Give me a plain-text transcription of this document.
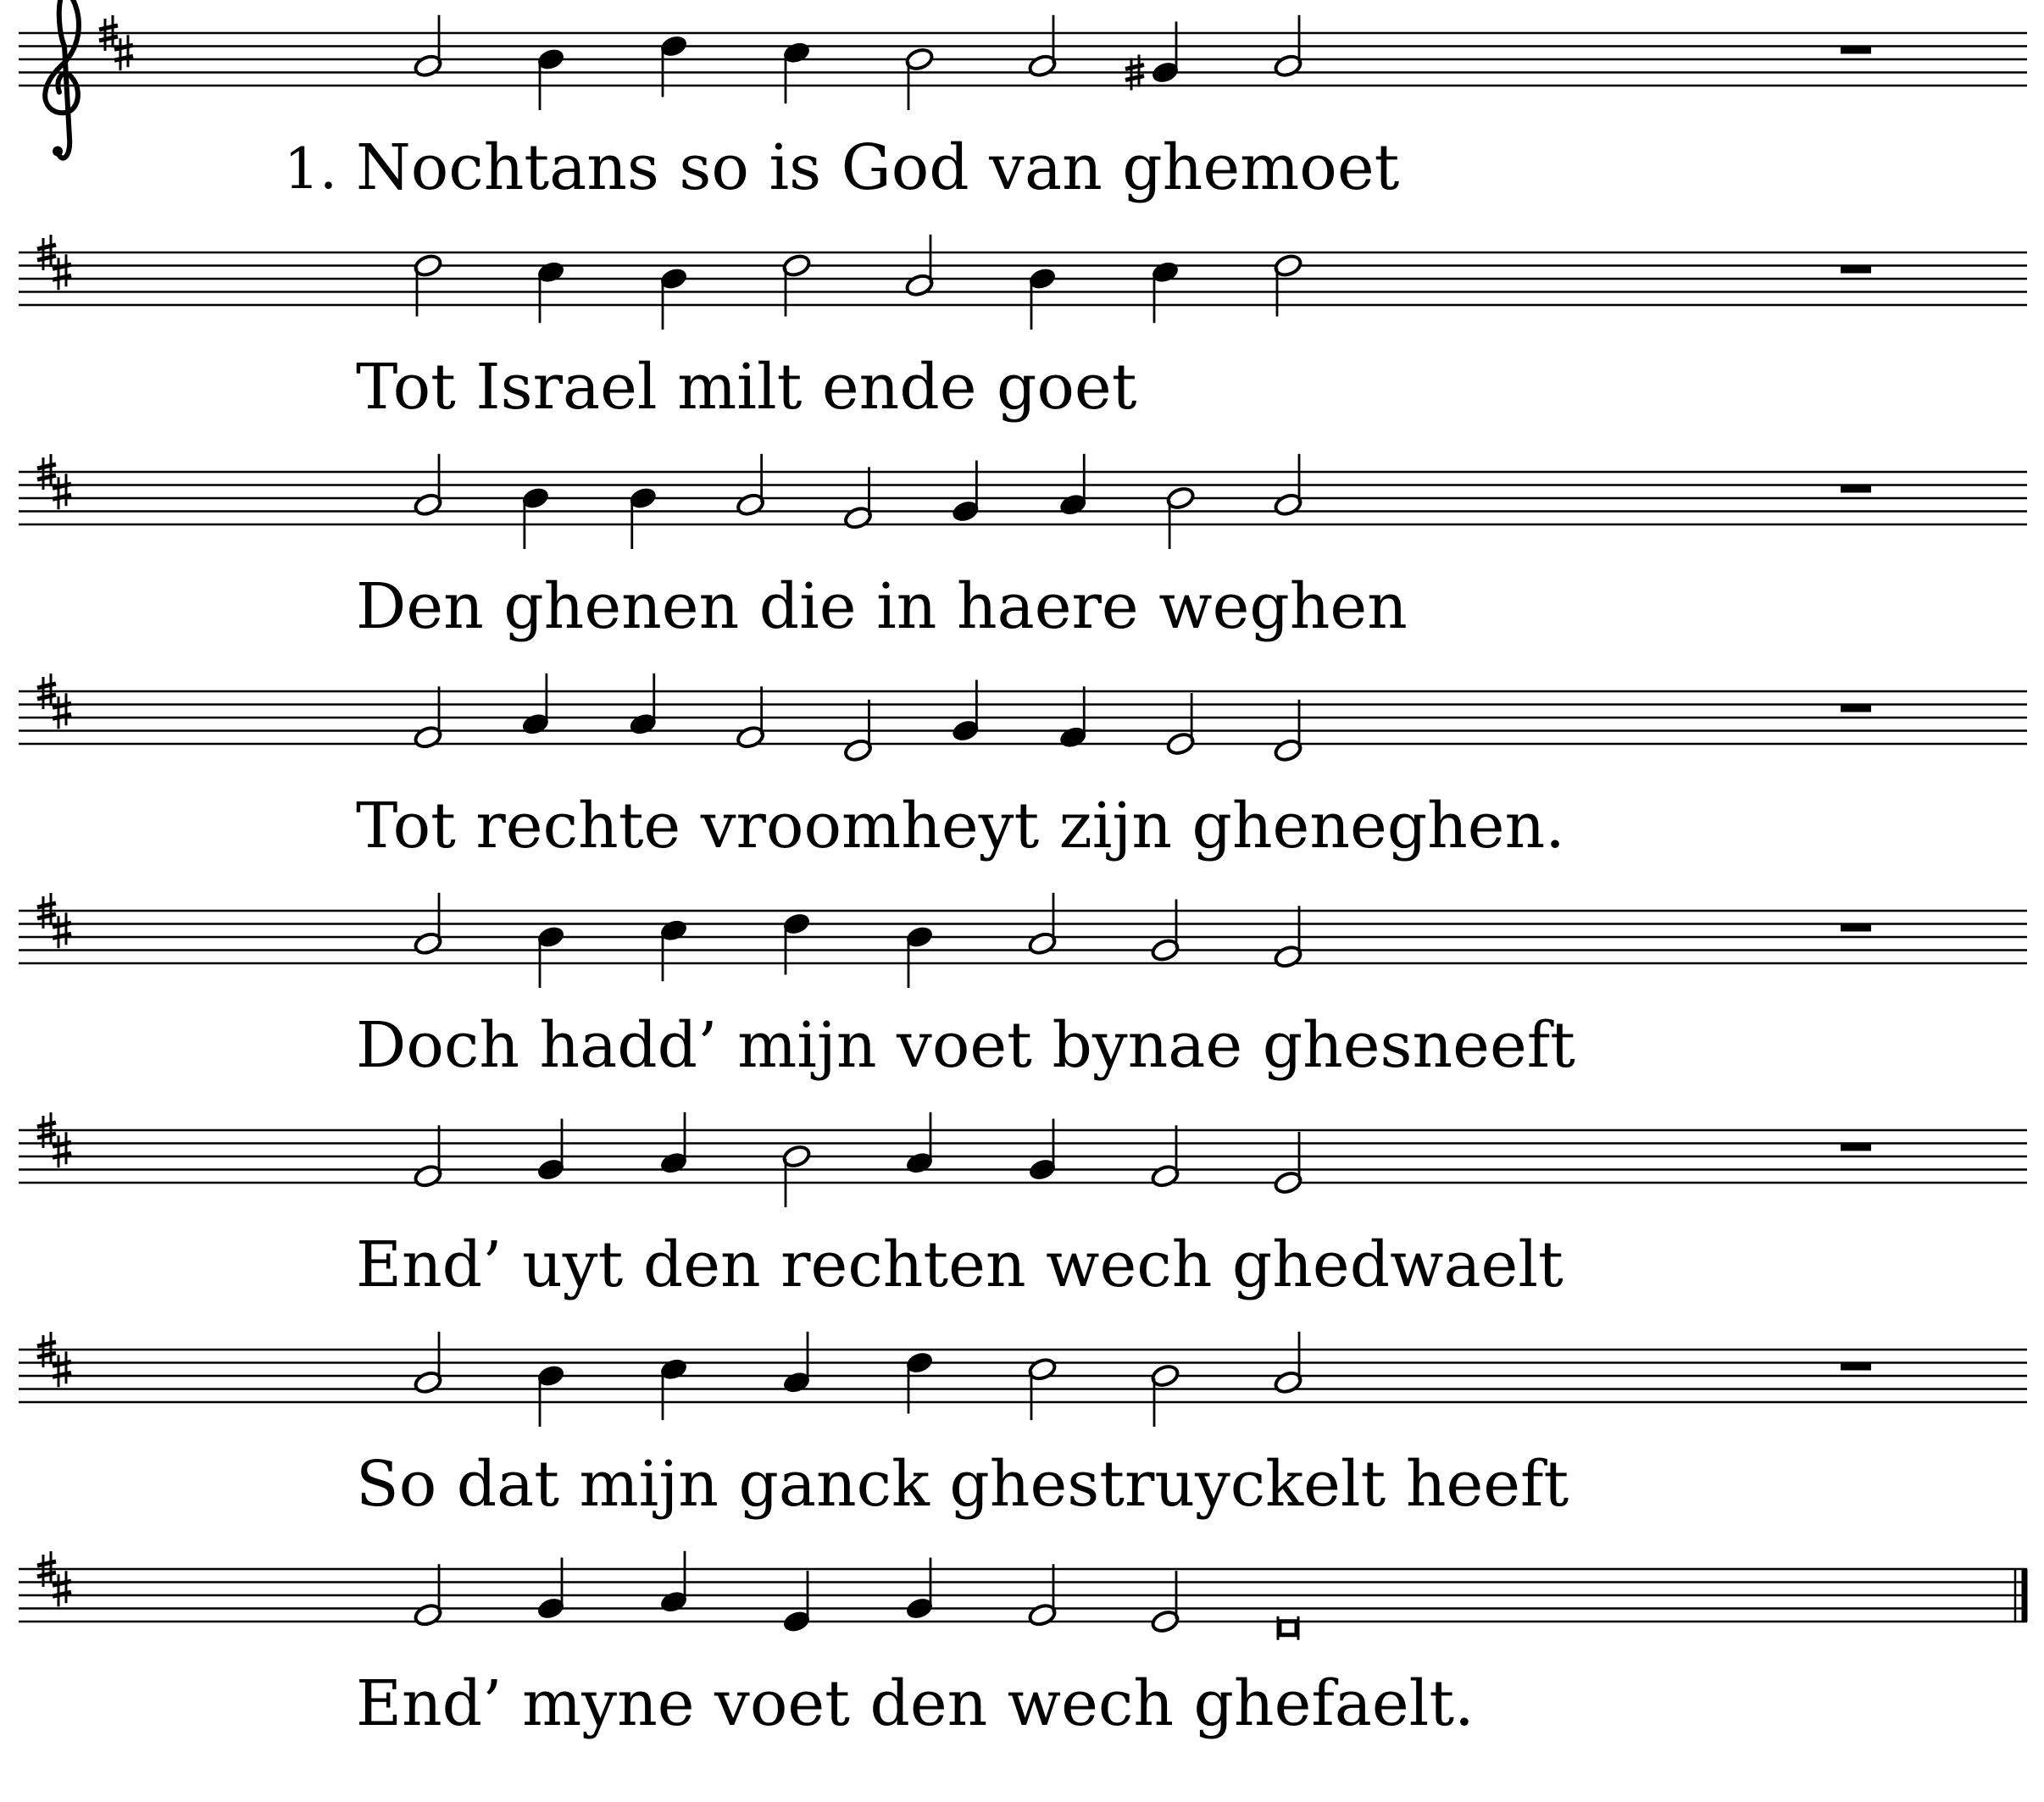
Nochtans so is God van ghemoet
1.
Tot Israel milt ende goet
Den ghenen die in haere weghen
Tot rechte vroomheyt zijn gheneghen.
Doch hadd’ mijn voet bynae ghesneeft
End’ uyt den rechten wech ghedwaelt
So dat mijn ganck ghestruyckelt heeft
End’ myne voet den wech ghefaelt.
